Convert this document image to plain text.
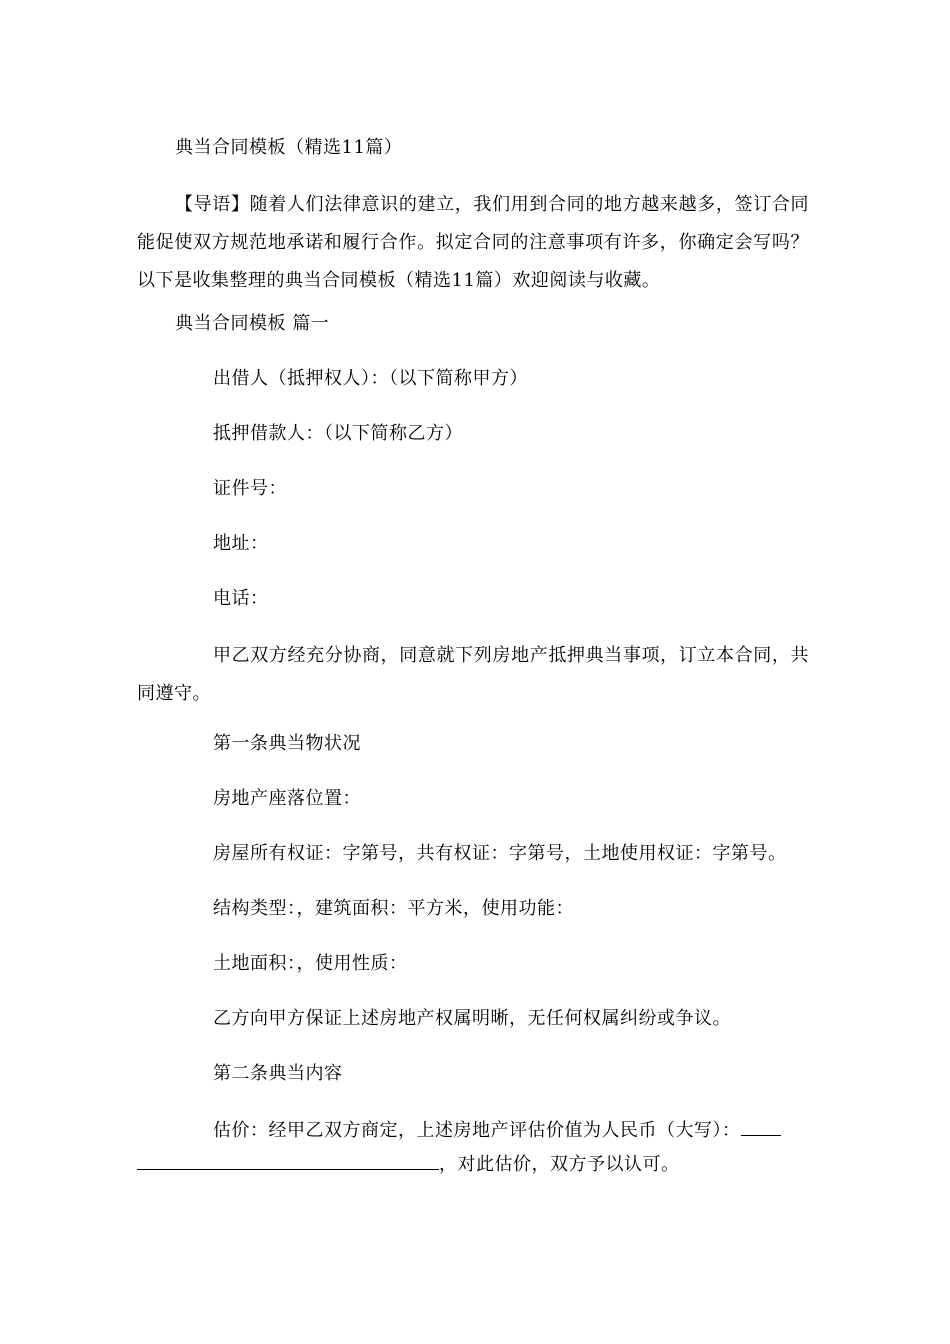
典当合同模板（精选11篇）
【导语】随着人们法律意识的建立，我们用到合同的地方越来越多，签订合同能促使双方规范地承诺和履行合作。拟定合同的注意事项有许多，你确定会写吗？以下是收集整理的典当合同模板（精选11篇）欢迎阅读与收藏。
典当合同模板 篇一
出借人（抵押权人）：（以下简称甲方）
抵押借款人：（以下简称乙方）
证件号：
地址：
电话：
甲乙双方经充分协商，同意就下列房地产抵押典当事项，订立本合同，共同遵守。
第一条典当物状况
房地产座落位置：
房屋所有权证：字第号，共有权证：字第号，土地使用权证：字第号。
结构类型：，建筑面积：平方米，使用功能：
土地面积：，使用性质：
乙方向甲方保证上述房地产权属明晰，无任何权属纠纷或争议。
第二条典当内容
估价：经甲乙双方商定，上述房地产评估价值为人民币（大写）：
，对此估价，双方予以认可。
